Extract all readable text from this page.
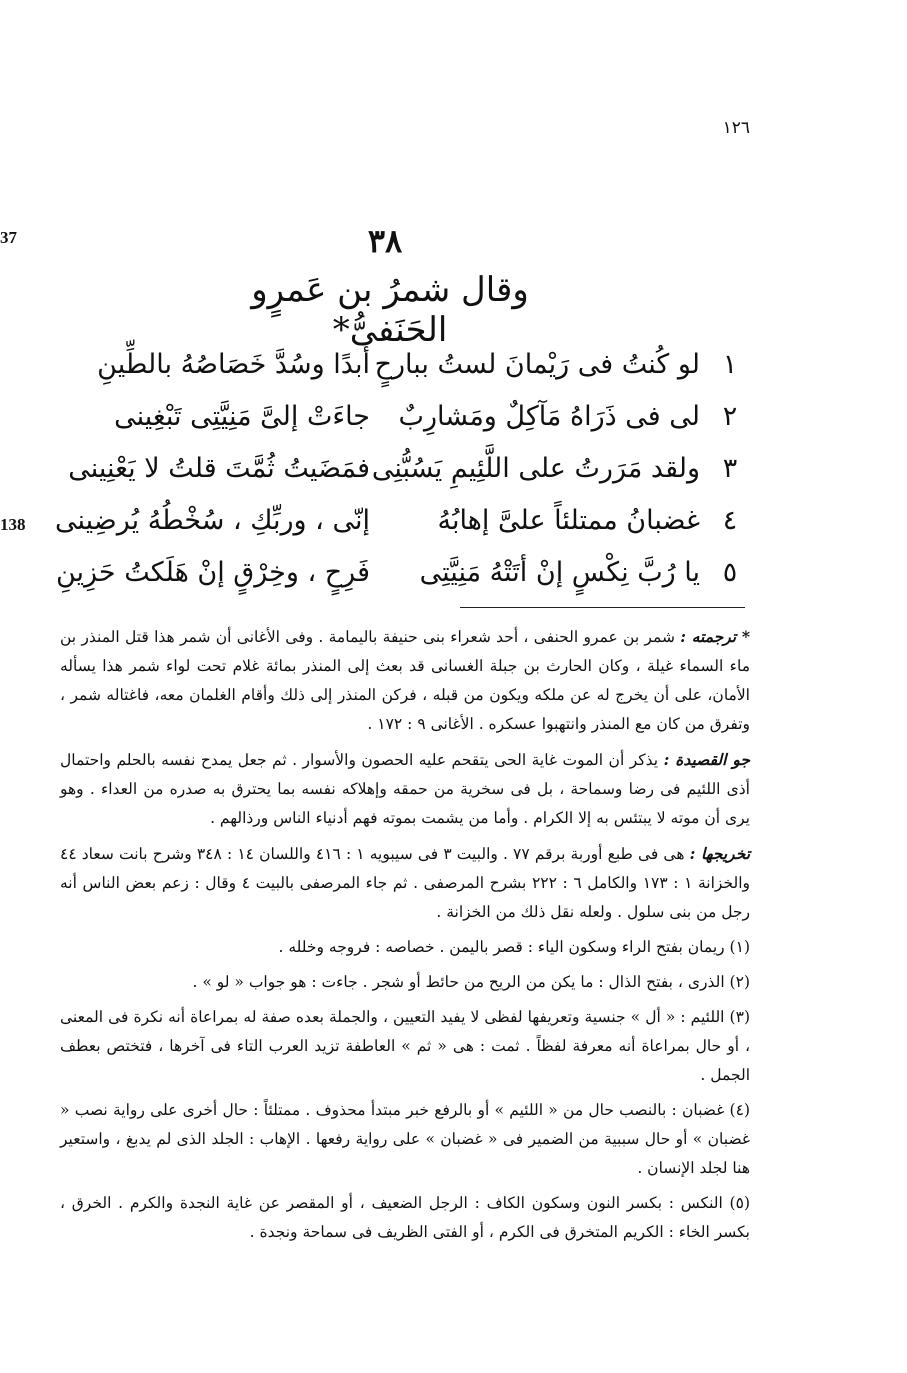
١٢٦
37
138
٣٨
وقال شمرُ بن عَمرٍو الحَنَفىُّ*
١
لو كُنتُ فى رَيْمانَ لستُ ببارحٍ
أبدًا وسُدَّ خَصَاصُهُ بالطِّينِ
٢
لى فى ذَرَاهُ مَآكِلٌ ومَشارِبٌ
جاءَتْ إلىَّ مَنِيَّتِى تَبْغِينى
٣
ولقد مَرَرتُ على اللَّئِيمِ يَسُبُّنِى
فمَضَيتُ ثُمَّتَ قلتُ لا يَعْنِينى
٤
غضبانُ ممتلئاً علىَّ إهابُهُ
إنّى ، وربِّكِ ، سُخْطُهُ يُرضِينى
٥
يا رُبَّ نِكْسٍ إنْ أتَتْهُ مَنِيَّتِى
فَرِحٍ ، وخِرْقٍ إنْ هَلَكتُ حَزِينِ
* ترجمته : شمر بن عمرو الحنفى ، أحد شعراء بنى حنيفة باليمامة . وفى الأغانى أن شمر هذا قتل المنذر بن ماء السماء غيلة ، وكان الحارث بن جبلة الغسانى قد بعث إلى المنذر بمائة غلام تحت لواء شمر هذا يسأله الأمان، على أن يخرج له عن ملكه ويكون من قبله ، فركن المنذر إلى ذلك وأقام الغلمان معه، فاغتاله شمر ، وتفرق من كان مع المنذر وانتهبوا عسكره . الأغانى ٩ : ١٧٢ .
جو القصيدة : يذكر أن الموت غاية الحى يتقحم عليه الحصون والأسوار . ثم جعل يمدح نفسه بالحلم واحتمال أذى اللئيم فى رضا وسماحة ، بل فى سخرية من حمقه وإهلاكه نفسه بما يحترق به صدره من العداء . وهو يرى أن موته لا يبتئس به إلا الكرام . وأما من يشمت بموته فهم أدنياء الناس ورذالهم .
تخريجها : هى فى طبع أوربة برقم ٧٧ . والبيت ٣ فى سيبويه ١ : ٤١٦ واللسان ١٤ : ٣٤٨ وشرح بانت سعاد ٤٤ والخزانة ١ : ١٧٣ والكامل ٦ : ٢٢٢ بشرح المرصفى . ثم جاء المرصفى بالبيت ٤ وقال : زعم بعض الناس أنه رجل من بنى سلول . ولعله نقل ذلك من الخزانة .
(١) ريمان بفتح الراء وسكون الياء : قصر باليمن . خصاصه : فروجه وخلله .
(٢) الذرى ، بفتح الذال : ما يكن من الريح من حائط أو شجر . جاءت : هو جواب « لو » .
(٣) اللئيم : « أل » جنسية وتعريفها لفظى لا يفيد التعيين ، والجملة بعده صفة له بمراعاة أنه نكرة فى المعنى ، أو حال بمراعاة أنه معرفة لفظاً . ثمت : هى « ثم » العاطفة تزيد العرب التاء فى آخرها ، فتختص بعطف الجمل .
(٤) غضبان : بالنصب حال من « اللئيم » أو بالرفع خبر مبتدأ محذوف . ممتلئاً : حال أخرى على رواية نصب « غضبان » أو حال سببية من الضمير فى « غضبان » على رواية رفعها . الإهاب : الجلد الذى لم يدبغ ، واستعير هنا لجلد الإنسان .
(٥) النكس : بكسر النون وسكون الكاف : الرجل الضعيف ، أو المقصر عن غاية النجدة والكرم . الخرق ، بكسر الخاء : الكريم المتخرق فى الكرم ، أو الفتى الظريف فى سماحة ونجدة .
